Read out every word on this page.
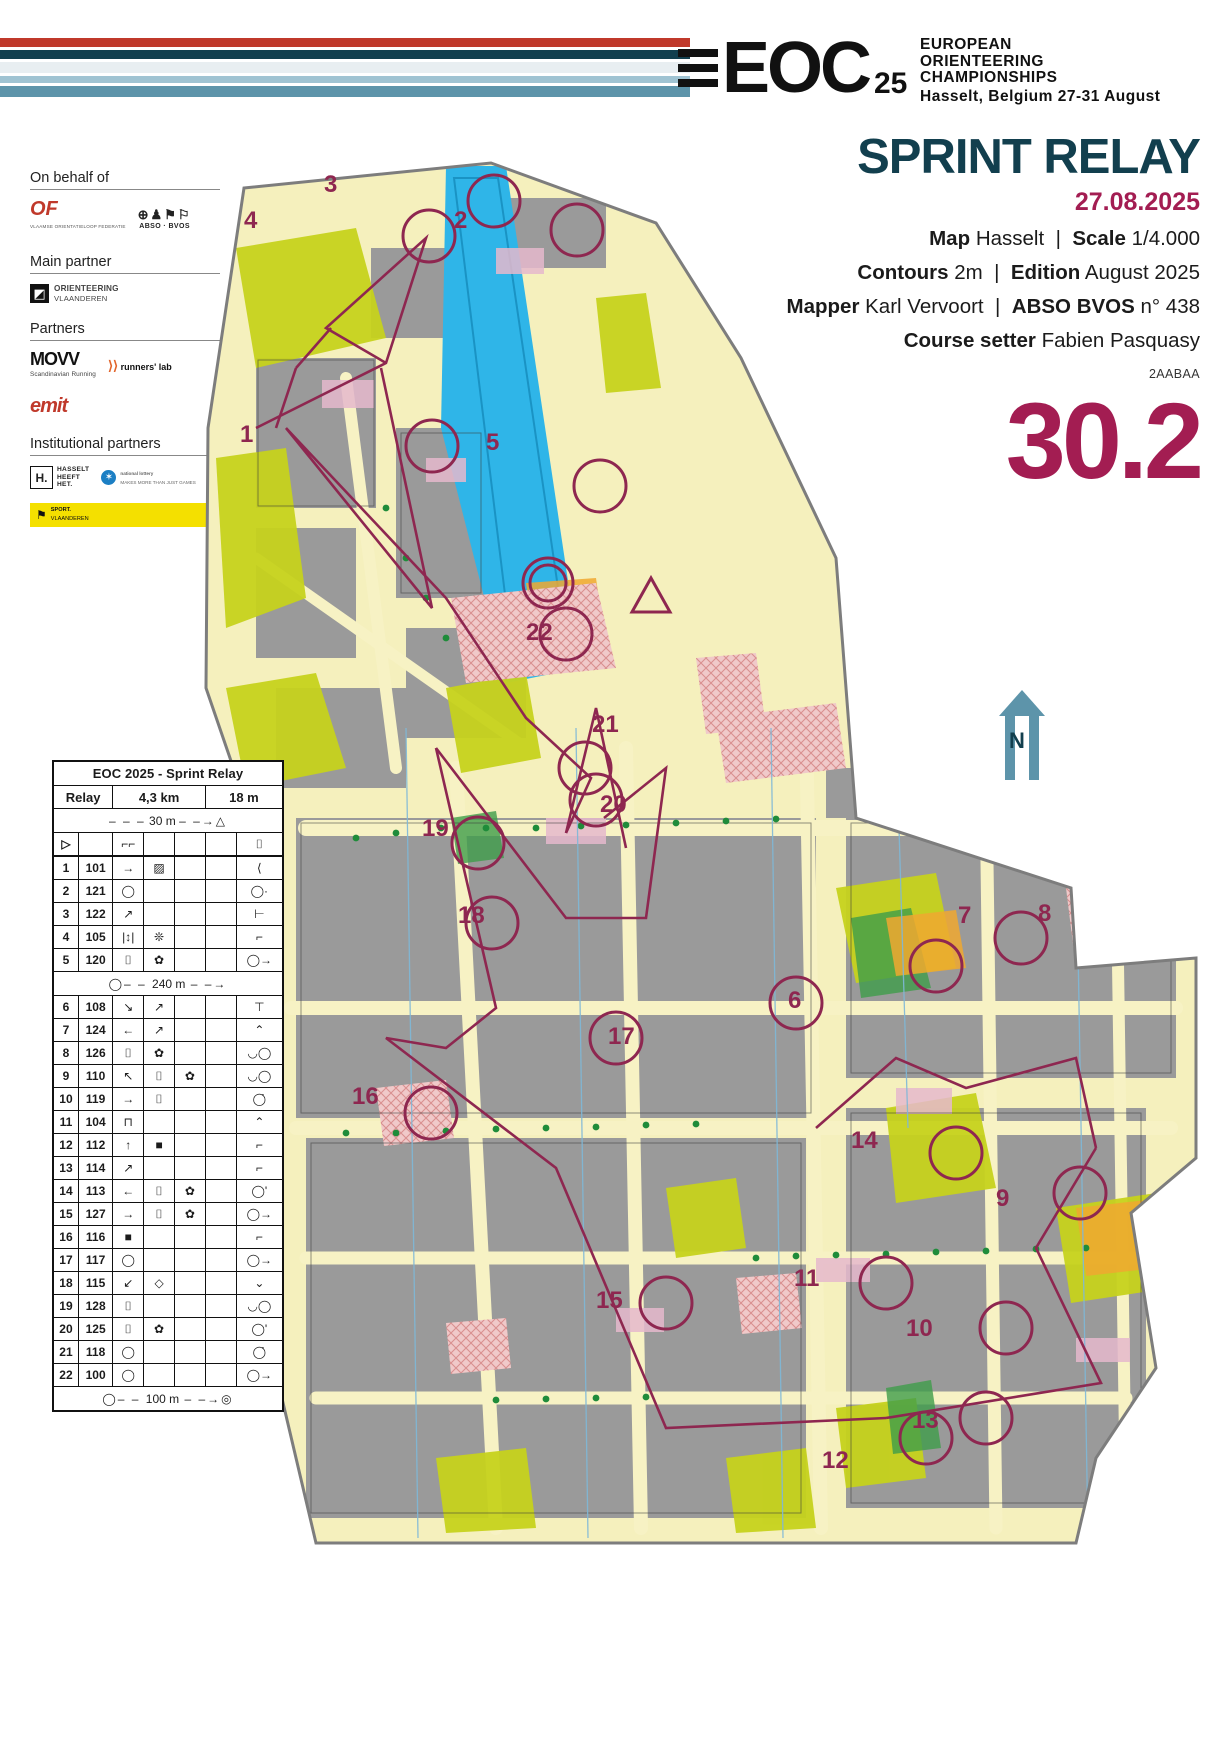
EOC 25
EUROPEAN
ORIENTEERING
CHAMPIONSHIPS
Hasselt, Belgium 27-31 August
SPRINT RELAY
27.08.2025
Map Hasselt | Scale 1/4.000
Contours 2m | Edition August 2025
Mapper Karl Vervoort | ABSO BVOS n° 438
Course setter Fabien Pasquasy
2AABAA
30.2
On behalf of
OF
VLAAMSE ORIENTATIELOOP FEDERATIE
⊕♟⚑⚐
ABSO · BVOS
Main partner
◩	ORIENTEERING
VLAANDEREN
Partners
MOVV
Scandinavian Running
⟩⟩ runners' lab
emit
Institutional partners
H.
HASSELT
HEEFT
HET.
✶	national lottery
MAKES MORE THAN JUST GAMES
⚑ SPORT.
VLAANDEREN
1
2
3
4
5
6
7	8
9
10
11
12
13
14
15
16
17
18
19
20
21
22
N
EOC 2025 - Sprint Relay						
Relay		4,3 km			18 m	
– – – 30 m – –→△						
▷		⌐⌐				⌷
1	101	→	▨			⟨
2	121	◯				◯·
3	122	↗				⊢
4	105	|↕|	❊			⌐
5	120	⌷	✿			◯→
◯– – 240 m – –→						
6	108	↘	↗			⊤
7	124	←	↗			⌃
8	126	⌷	✿			◡◯
9	110	↖	⌷	✿		◡◯
10	119	→	⌷			◯̇
11	104	⊓				⌃
12	112	↑	■			⌐
13	114	↗				⌐
14	113	←	⌷	✿		◯'
15	127	→	⌷	✿		◯→
16	116	■				⌐
17	117	◯				◯→
18	115	↙	◇			⌄
19	128	⌷				◡◯
20	125	⌷	✿			◯'
21	118	◯				◯̇
22	100	◯				◯→
◯– – 100 m – –→◎						
